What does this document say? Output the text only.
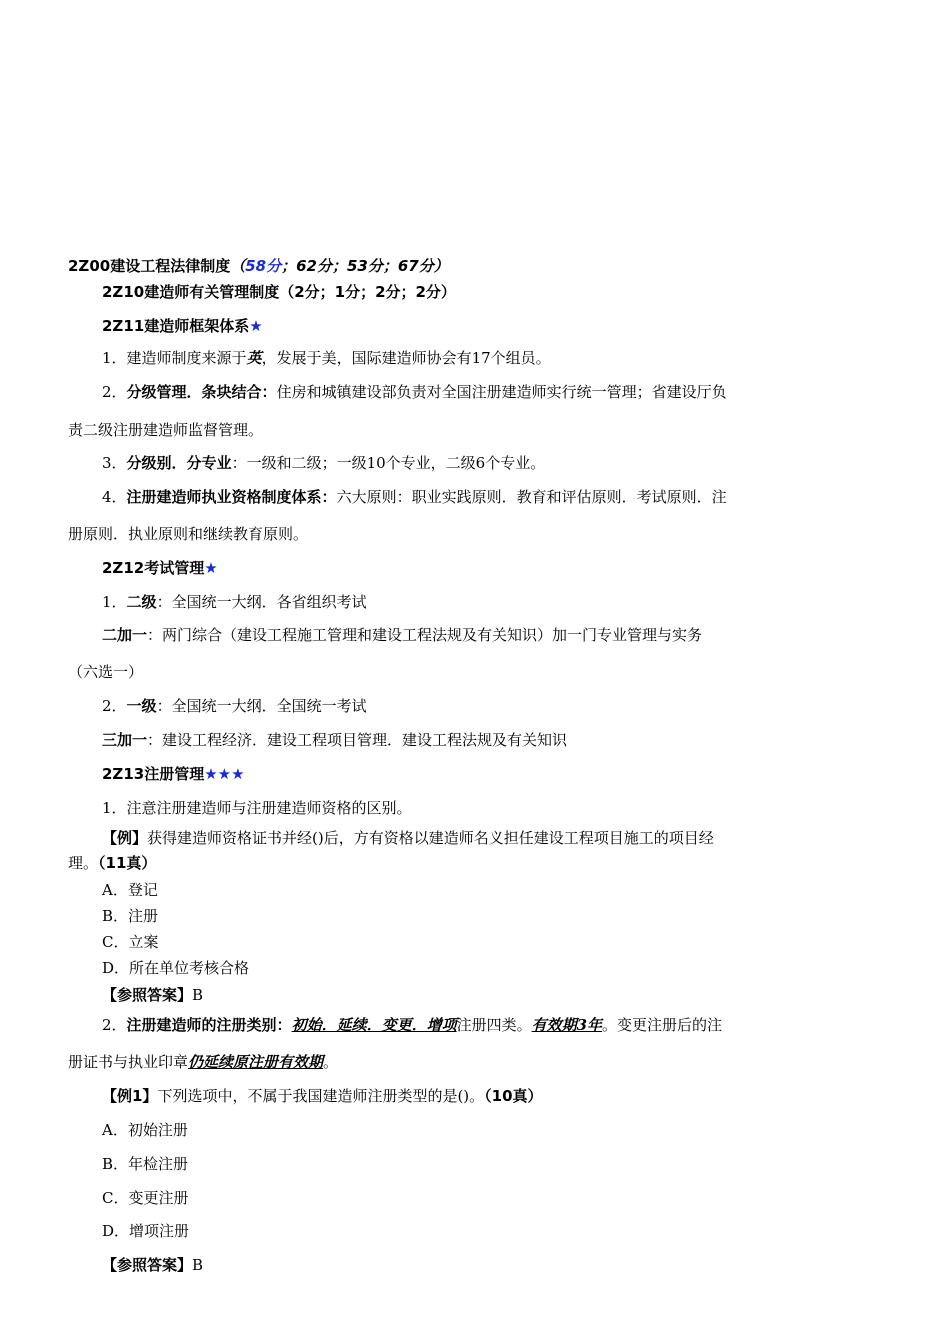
2Z00建设工程法律制度（58分；62分；53分；67分）
2Z10建造师有关管理制度（2分；1分；2分；2分）
2Z11建造师框架体系★
1．建造师制度来源于英，发展于美，国际建造师协会有17个组员。
2．分级管理．条块结合：住房和城镇建设部负责对全国注册建造师实行统一管理；省建设厅负
责二级注册建造师监督管理。
3．分级别．分专业：一级和二级；一级10个专业，二级6个专业。
4．注册建造师执业资格制度体系：六大原则：职业实践原则．教育和评估原则．考试原则．注
册原则．执业原则和继续教育原则。
2Z12考试管理★
1．二级：全国统一大纲．各省组织考试
二加一：两门综合（建设工程施工管理和建设工程法规及有关知识）加一门专业管理与实务
（六选一）
2．一级：全国统一大纲．全国统一考试
三加一：建设工程经济．建设工程项目管理．建设工程法规及有关知识
2Z13注册管理★★★
1．注意注册建造师与注册建造师资格的区别。
【例】获得建造师资格证书并经()后，方有资格以建造师名义担任建设工程项目施工的项目经
理。（11真）
A．登记
B．注册
C．立案
D．所在单位考核合格
【参照答案】B
2．注册建造师的注册类别：初始．延续．变更．增项注册四类。有效期3年。变更注册后的注
册证书与执业印章仍延续原注册有效期。
【例1】下列选项中，不属于我国建造师注册类型的是()。（10真）
A．初始注册
B．年检注册
C．变更注册
D．增项注册
【参照答案】B
